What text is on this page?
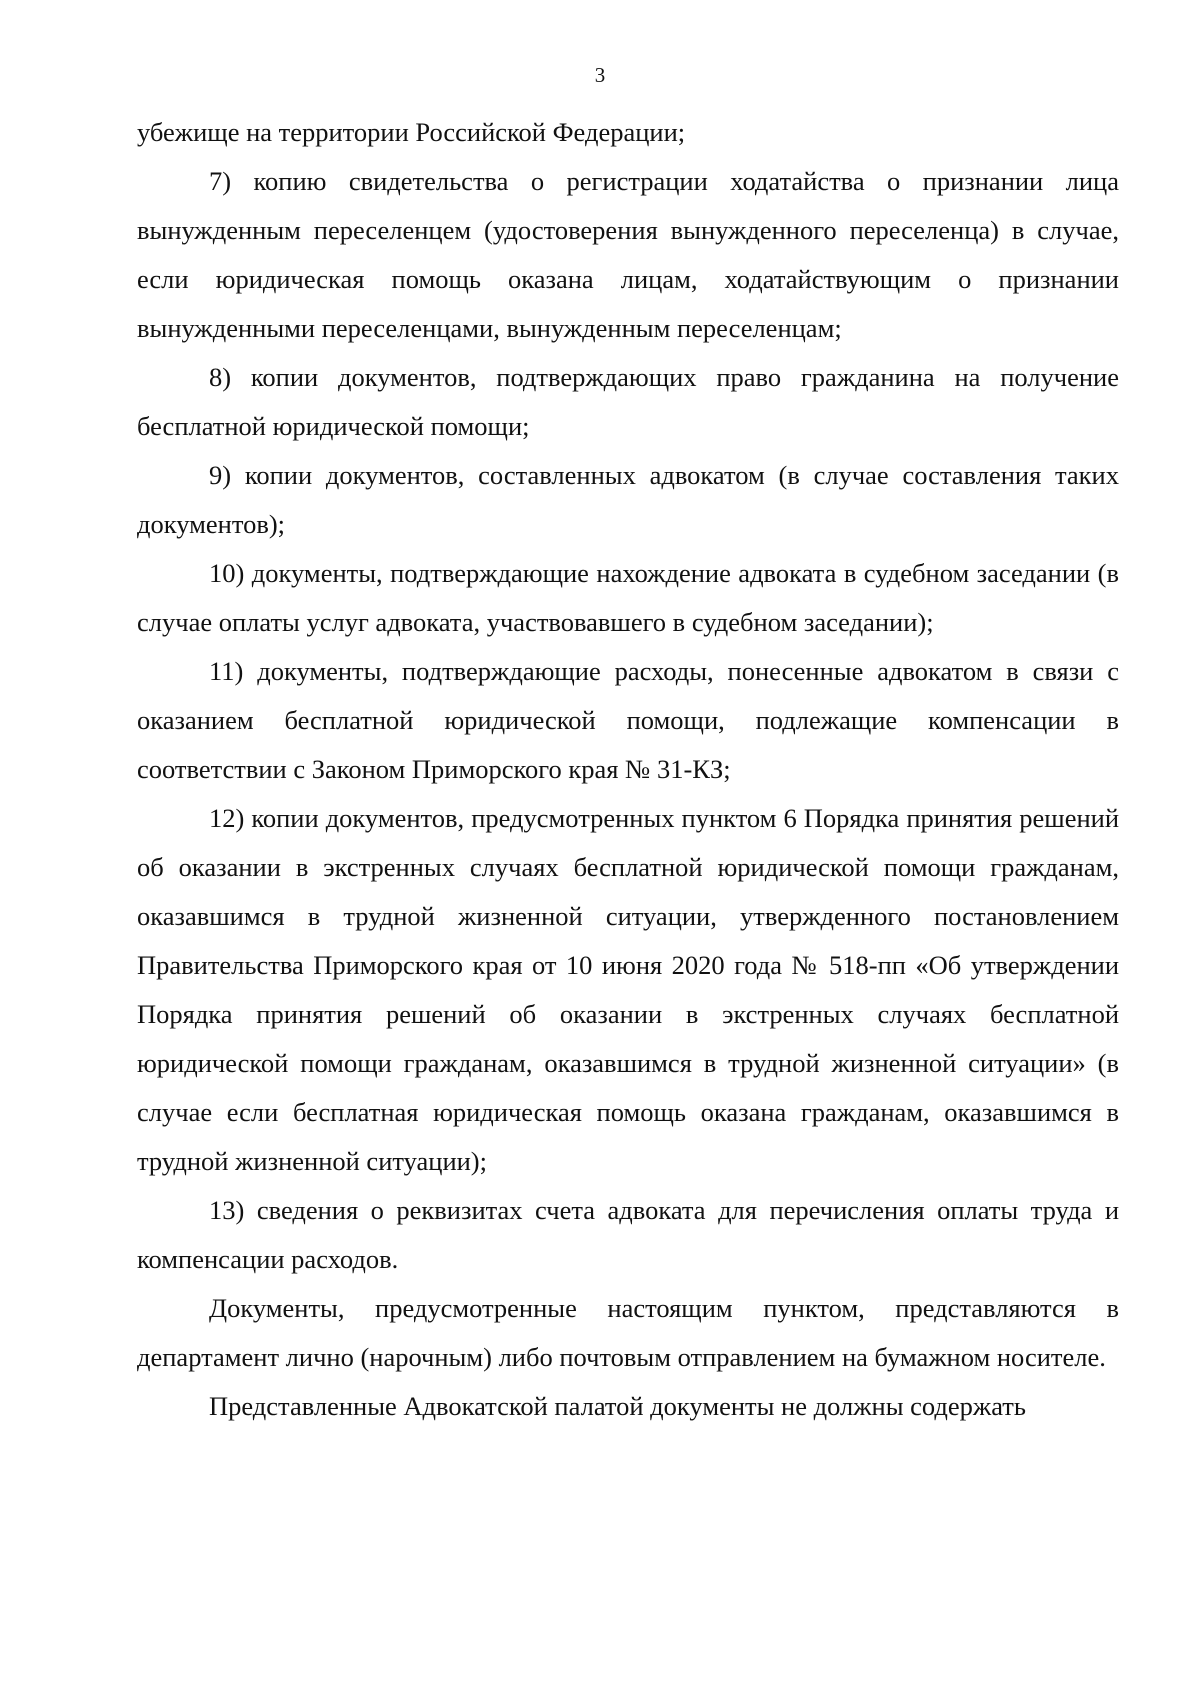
3

убежище на территории Российской Федерации;

7) копию свидетельства о регистрации ходатайства о признании лица вынужденным переселенцем (удостоверения вынужденного переселенца) в случае, если юридическая помощь оказана лицам, ходатайствующим о признании вынужденными переселенцами, вынужденным переселенцам;

8) копии документов, подтверждающих право гражданина на получение бесплатной юридической помощи;

9) копии документов, составленных адвокатом (в случае составления таких документов);

10) документы, подтверждающие нахождение адвоката в судебном заседании (в случае оплаты услуг адвоката, участвовавшего в судебном заседании);

11) документы, подтверждающие расходы, понесенные адвокатом в связи с оказанием бесплатной юридической помощи, подлежащие компенсации в соответствии с Законом Приморского края № 31-КЗ;

12) копии документов, предусмотренных пунктом 6 Порядка принятия решений об оказании в экстренных случаях бесплатной юридической помощи гражданам, оказавшимся в трудной жизненной ситуации, утвержденного постановлением Правительства Приморского края от 10 июня 2020 года № 518-пп «Об утверждении Порядка принятия решений об оказании в экстренных случаях бесплатной юридической помощи гражданам, оказавшимся в трудной жизненной ситуации» (в случае если бесплатная юридическая помощь оказана гражданам, оказавшимся в трудной жизненной ситуации);

13) сведения о реквизитах счета адвоката для перечисления оплаты труда и компенсации расходов.

Документы, предусмотренные настоящим пунктом, представляются в департамент лично (нарочным) либо почтовым отправлением на бумажном носителе.

Представленные Адвокатской палатой документы не должны содержать
